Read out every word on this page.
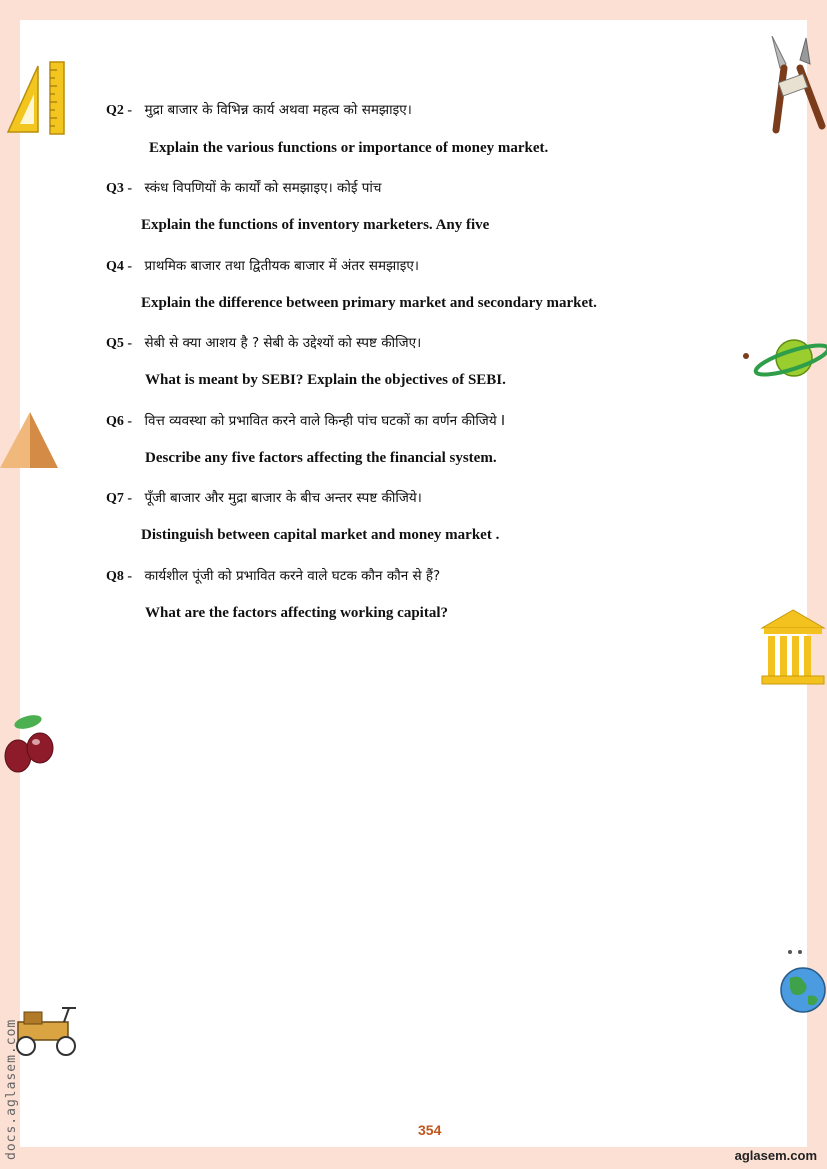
Q2 - मुद्रा बाजार के विभिन्न कार्य अथवा महत्व को समझाइए।
Explain the various functions or importance of money market.
Q3 - स्कंध विपणियों के कार्यों को समझाइए। कोई पांच
Explain the functions of inventory marketers. Any five
Q4 - प्राथमिक बाजार तथा द्वितीयक बाजार में अंतर समझाइए।
Explain the difference between primary market and secondary market.
Q5 - सेबी से क्या आशय है ? सेबी के उद्देश्यों को स्पष्ट कीजिए।
What is meant by SEBI? Explain the objectives of SEBI.
Q6 - वित्त व्यवस्था को प्रभावित करने वाले किन्ही पांच घटकों का वर्णन कीजिये I
Describe any five factors affecting the financial system.
Q7 - पूँजी बाजार और मुद्रा बाजार के बीच अन्तर स्पष्ट कीजिये।
Distinguish between capital market and money market .
Q8 - कार्यशील पूंजी को प्रभावित करने वाले घटक कौन कौन से हैं?
What are the factors affecting working capital?
354
docs.aglasem.com	aglasem.com
